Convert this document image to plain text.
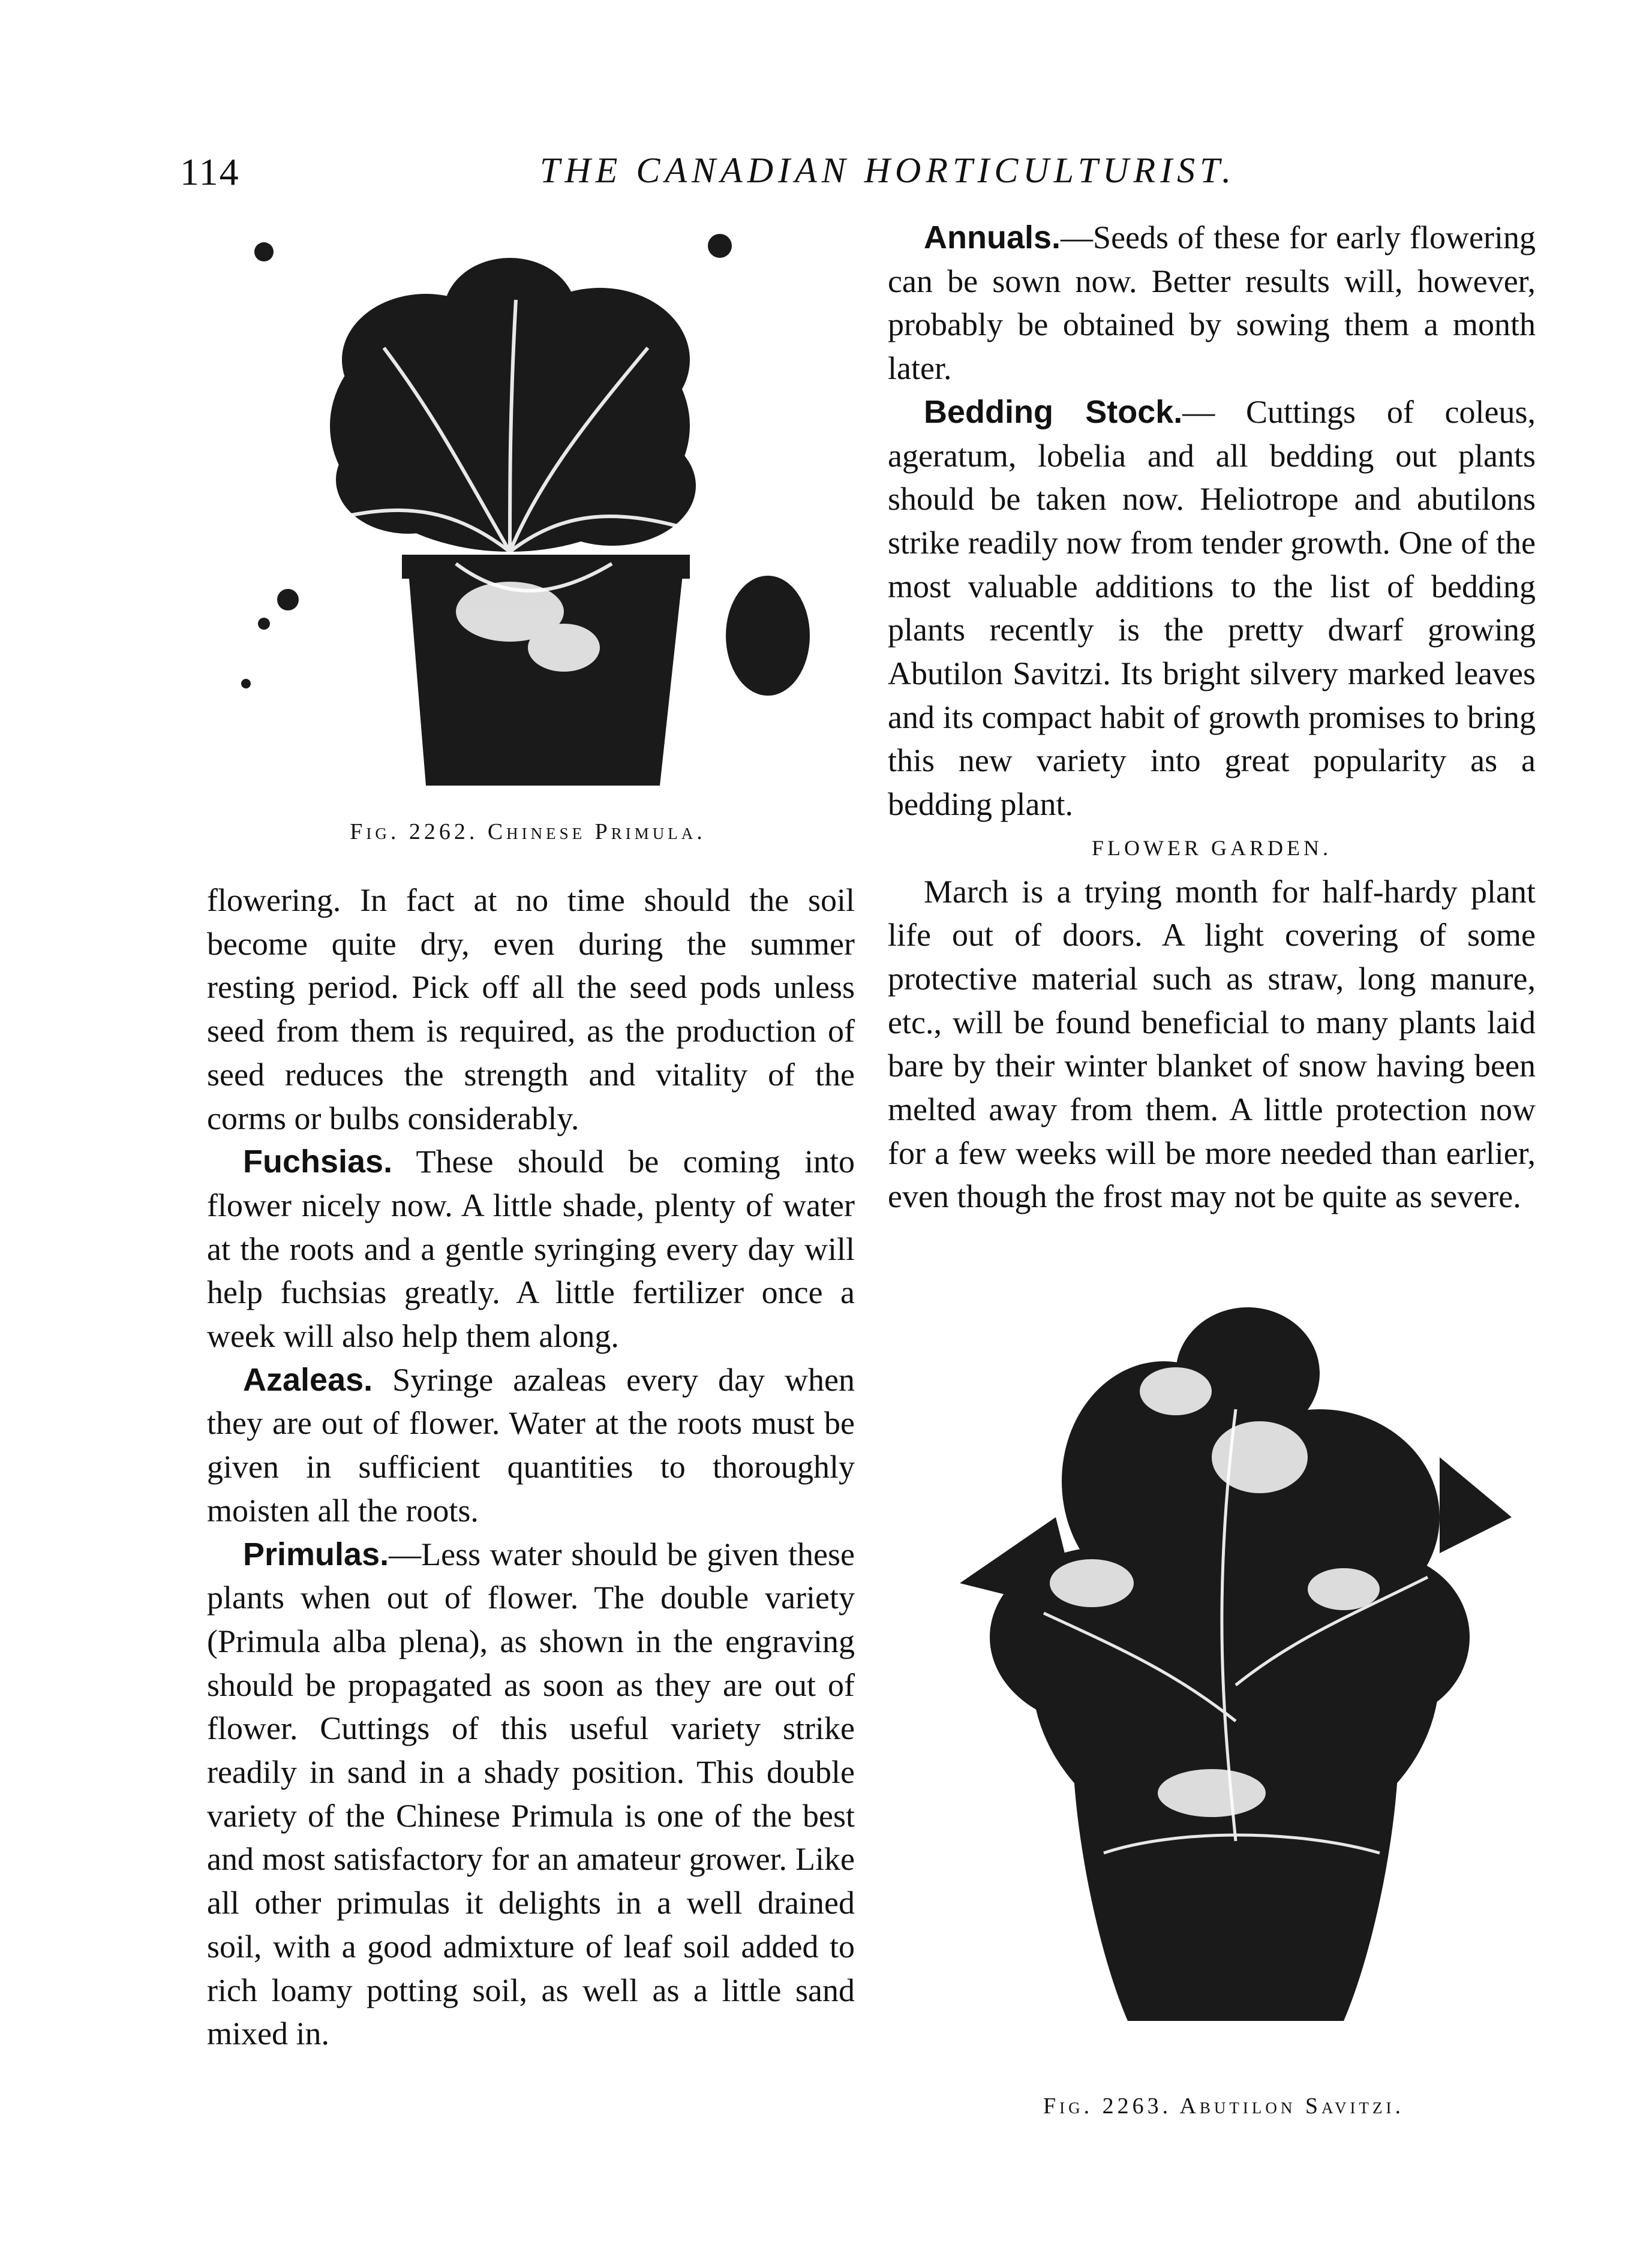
114	THE CANADIAN HORTICULTURIST.
Fig. 2262. Chinese Primula.

flowering. In fact at no time should the soil become quite dry, even during the summer resting period. Pick off all the seed pods unless seed from them is required, as the production of seed reduces the strength and vitality of the corms or bulbs considerably.

Fuchsias. These should be coming into flower nicely now. A little shade, plenty of water at the roots and a gentle syringing every day will help fuchsias greatly. A little fertilizer once a week will also help them along.

Azaleas. Syringe azaleas every day when they are out of flower. Water at the roots must be given in sufficient quantities to thoroughly moisten all the roots.

Primulas.—Less water should be given these plants when out of flower. The double variety (Primula alba plena), as shown in the engraving should be propagated as soon as they are out of flower. Cuttings of this useful variety strike readily in sand in a shady position. This double variety of the Chinese Primula is one of the best and most satisfactory for an amateur grower. Like all other primulas it delights in a well drained soil, with a good admixture of leaf soil added to rich loamy potting soil, as well as a little sand mixed in.

Annuals.—Seeds of these for early flowering can be sown now. Better results will, however, probably be obtained by sowing them a month later.

Bedding Stock.— Cuttings of coleus, ageratum, lobelia and all bedding out plants should be taken now. Heliotrope and abutilons strike readily now from tender growth. One of the most valuable additions to the list of bedding plants recently is the pretty dwarf growing Abutilon Savitzi. Its bright silvery marked leaves and its compact habit of growth promises to bring this new variety into great popularity as a bedding plant.

FLOWER GARDEN.

March is a trying month for half-hardy plant life out of doors. A light covering of some protective material such as straw, long manure, etc., will be found beneficial to many plants laid bare by their winter blanket of snow having been melted away from them. A little protection now for a few weeks will be more needed than earlier, even though the frost may not be quite as severe.

Fig. 2263. Abutilon Savitzi.
